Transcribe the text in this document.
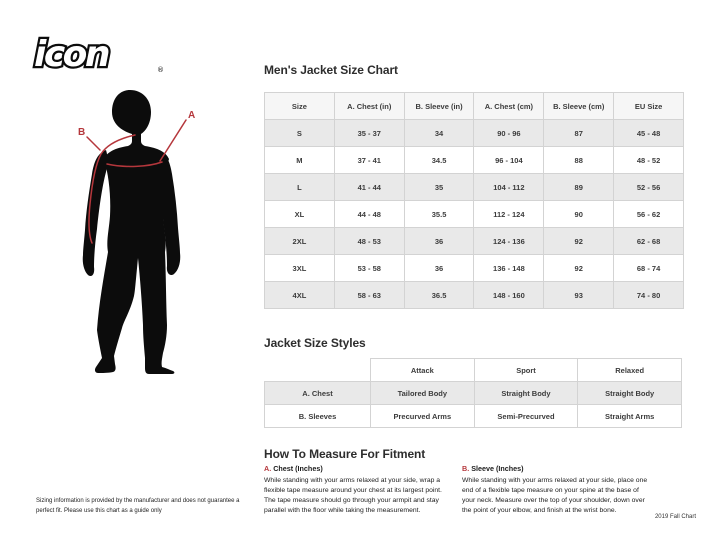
icon	®
A
B
Men's Jacket Size Chart
Size	A. Chest (in)	B. Sleeve (in)	A. Chest (cm)	B. Sleeve (cm)	EU Size
S	35 - 37	34	90 - 96	87	45 - 48
M	37 - 41	34.5	96 - 104	88	48 - 52
L	41 - 44	35	104 - 112	89	52 - 56
XL	44 - 48	35.5	112 - 124	90	56 - 62
2XL	48 - 53	36	124 - 136	92	62 - 68
3XL	53 - 58	36	136 - 148	92	68 - 74
4XL	58 - 63	36.5	148 - 160	93	74 - 80
Jacket Size Styles
	Attack	Sport	Relaxed
A. Chest	Tailored Body	Straight Body	Straight Body
B. Sleeves	Precurved Arms	Semi-Precurved	Straight Arms
How To Measure For Fitment

A. Chest (Inches)

While standing with your arms relaxed at your side, wrap a flexible tape measure around your chest at its largest point. The tape measure should go through your armpit and stay parallel with the floor while taking the measurement.

B. Sleeve (Inches)

While standing with your arms relaxed at your side, place one end of a flexible tape measure on your spine at the base of your neck. Measure over the top of your shoulder, down over the point of your elbow, and finish at the wrist bone.

Sizing information is provided by the manufacturer and does not guarantee a perfect fit. Please use this chart as a guide only
2019 Fall Chart
